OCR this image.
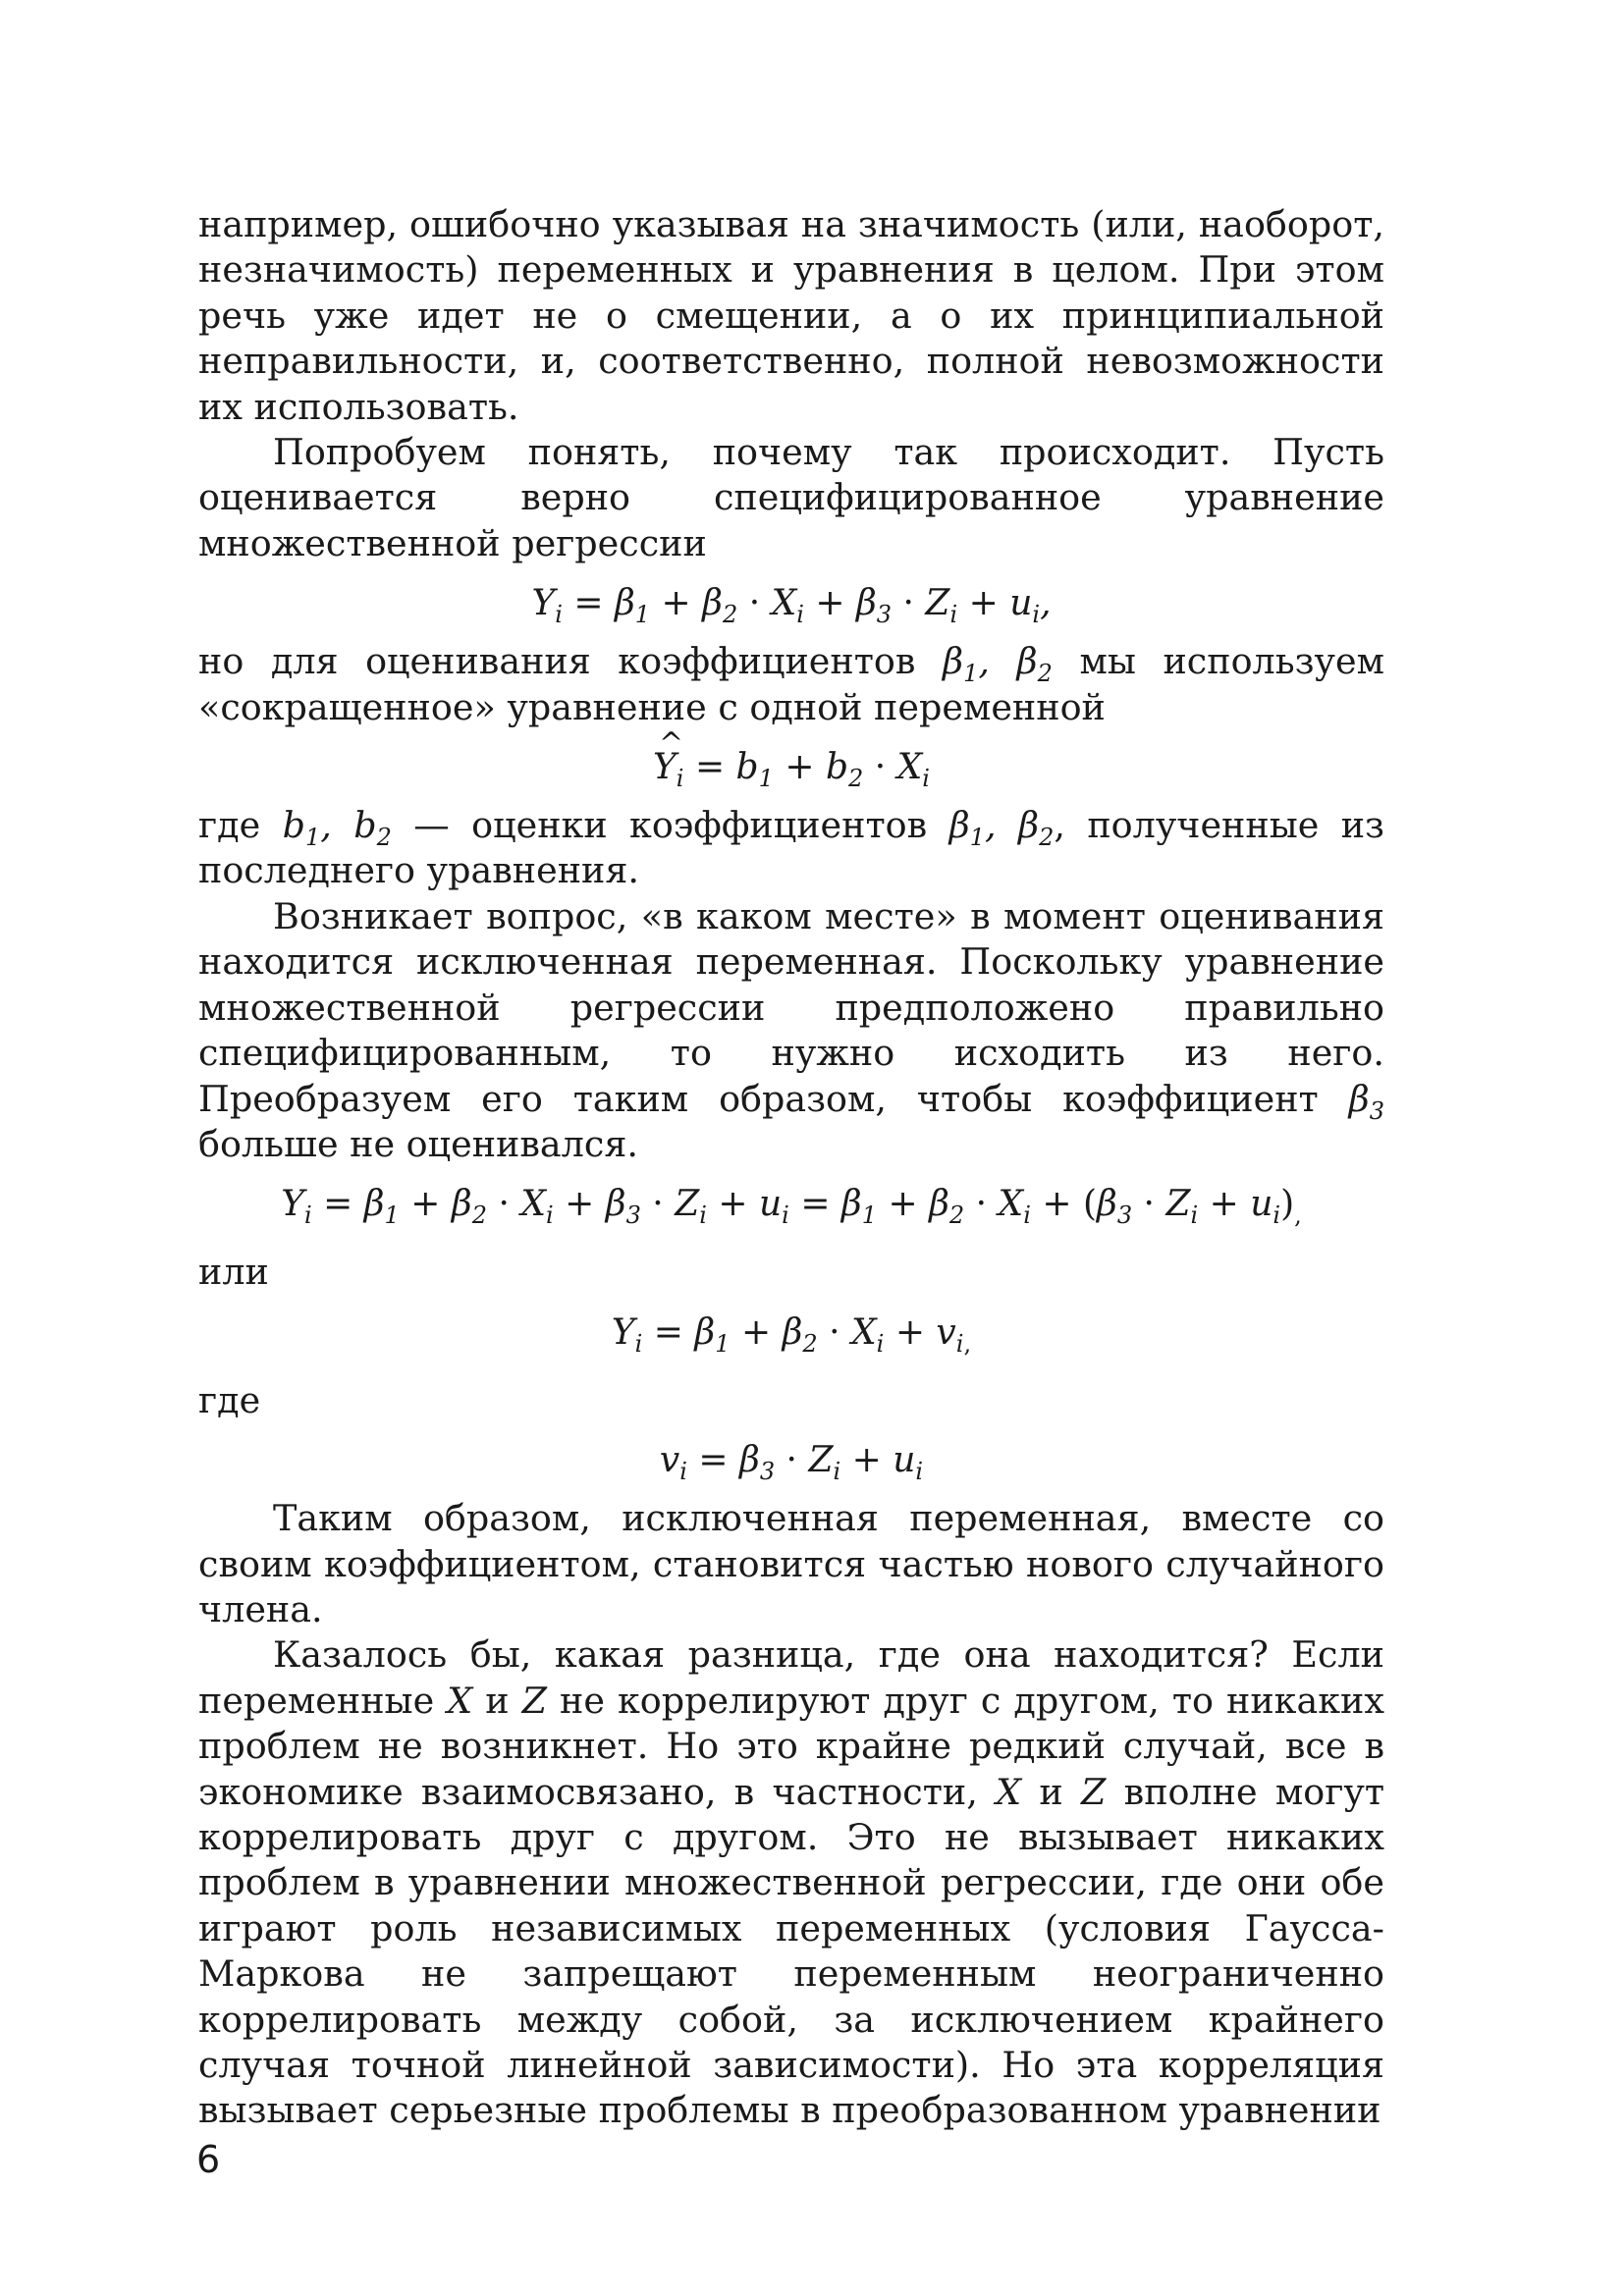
например, ошибочно указывая на значимость (или, наоборот, незначимость) переменных и уравнения в целом. При этом речь уже идет не о смещении, а о их принципиальной неправильности, и, соответственно, полной невозможности их использовать.

Попробуем понять, почему так происходит. Пусть оценивается верно специфицированное уравнение множественной регрессии

$Y_i = \beta_1 + \beta_2 \cdot X_i + \beta_3 \cdot Z_i + u_i$,

но для оценивания коэффициентов $\beta_1$, $\beta_2$ мы используем «сокращенное» уравнение с одной переменной

^ $Y_i = b_1 + b_2 \cdot X_i$

где $b_1$, $b_2$ — оценки коэффициентов $\beta_1$, $\beta_2$, полученные из последнего уравнения.

Возникает вопрос, «в каком месте» в момент оценивания находится исключенная переменная. Поскольку уравнение множественной регрессии предположено правильно специфицированным, то нужно исходить из него. Преобразуем его таким образом, чтобы коэффициент $\beta_3$ больше не оценивался.

$Y_i = \beta_1 + \beta_2 \cdot X_i + \beta_3 \cdot Z_i + u_i = \beta_1 + \beta_2 \cdot X_i + (\beta_3 \cdot Z_i + u_i)_,$

или

$Y_i = \beta_1 + \beta_2 \cdot X_i + v_{i,}$

где

$v_i = \beta_3 \cdot Z_i + u_i$

Таким образом, исключенная переменная, вместе со своим коэффициентом, становится частью нового случайного члена.

Казалось бы, какая разница, где она находится? Если переменные X и Z не коррелируют друг с другом, то никаких проблем не возникнет. Но это крайне редкий случай, все в экономике взаимосвязано, в частности, X и Z вполне могут коррелировать друг с другом. Это не вызывает никаких проблем в уравнении множественной регрессии, где они обе играют роль независимых переменных (условия Гаусса-Маркова не запрещают переменным неограниченно коррелировать между собой, за исключением крайнего случая точной линейной зависимости). Но эта корреляция вызывает серьезные проблемы в преобразованном уравнении

6
